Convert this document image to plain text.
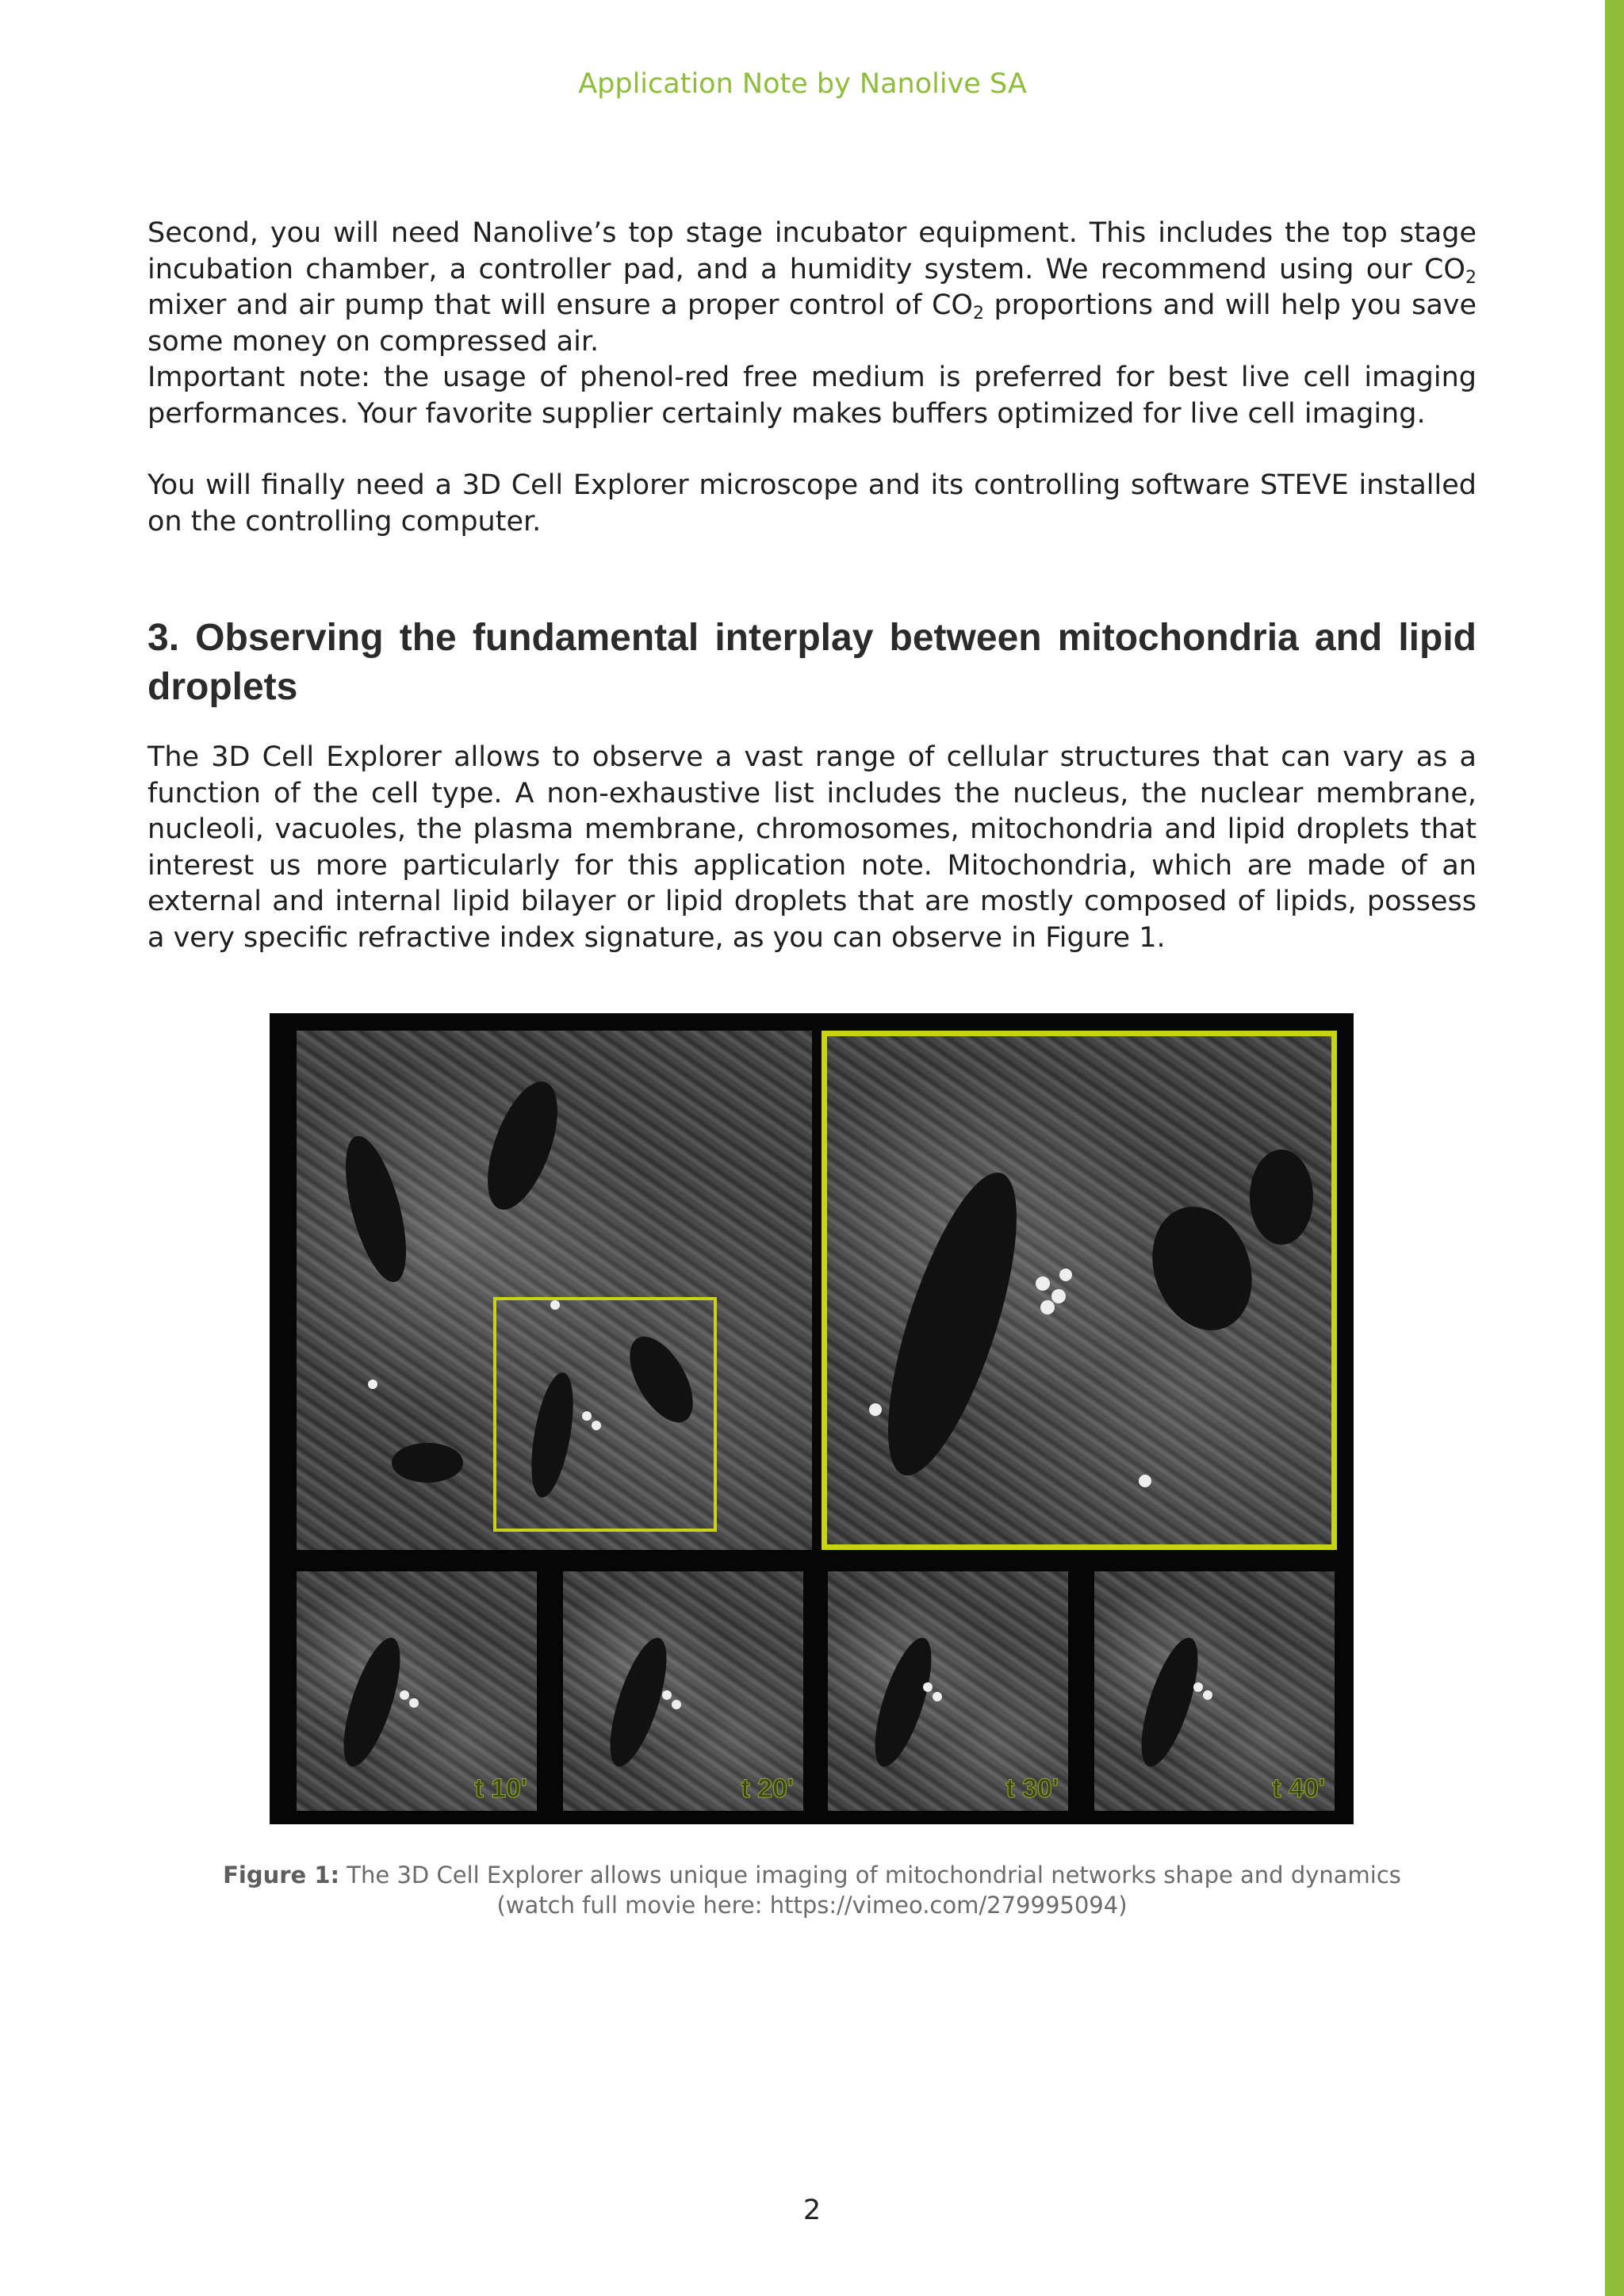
Application Note by Nanolive SA

Second, you will need Nanolive’s top stage incubator equipment. This includes the top stage incubation chamber, a controller pad, and a humidity system. We recommend using our $CO_2$ mixer and air pump that will ensure a proper control of $CO_2$ proportions and will help you save some money on compressed air.

Important note: the usage of phenol-red free medium is preferred for best live cell imaging performances. Your favorite supplier certainly makes buffers optimized for live cell imaging.

You will finally need a 3D Cell Explorer microscope and its controlling software STEVE installed on the controlling computer.

3. Observing the fundamental interplay between mitochondria and lipid droplets

The 3D Cell Explorer allows to observe a vast range of cellular structures that can vary as a function of the cell type. A non-exhaustive list includes the nucleus, the nuclear membrane, nucleoli, vacuoles, the plasma membrane, chromosomes, mitochondria and lipid droplets that interest us more particularly for this application note. Mitochondria, which are made of an external and internal lipid bilayer or lipid droplets that are mostly composed of lipids, possess a very specific refractive index signature, as you can observe in Figure 1.

t 10'	t 20'	t 30'	t 40'
Figure 1: The 3D Cell Explorer allows unique imaging of mitochondrial networks shape and dynamics
(watch full movie here: https://vimeo.com/279995094)
2
